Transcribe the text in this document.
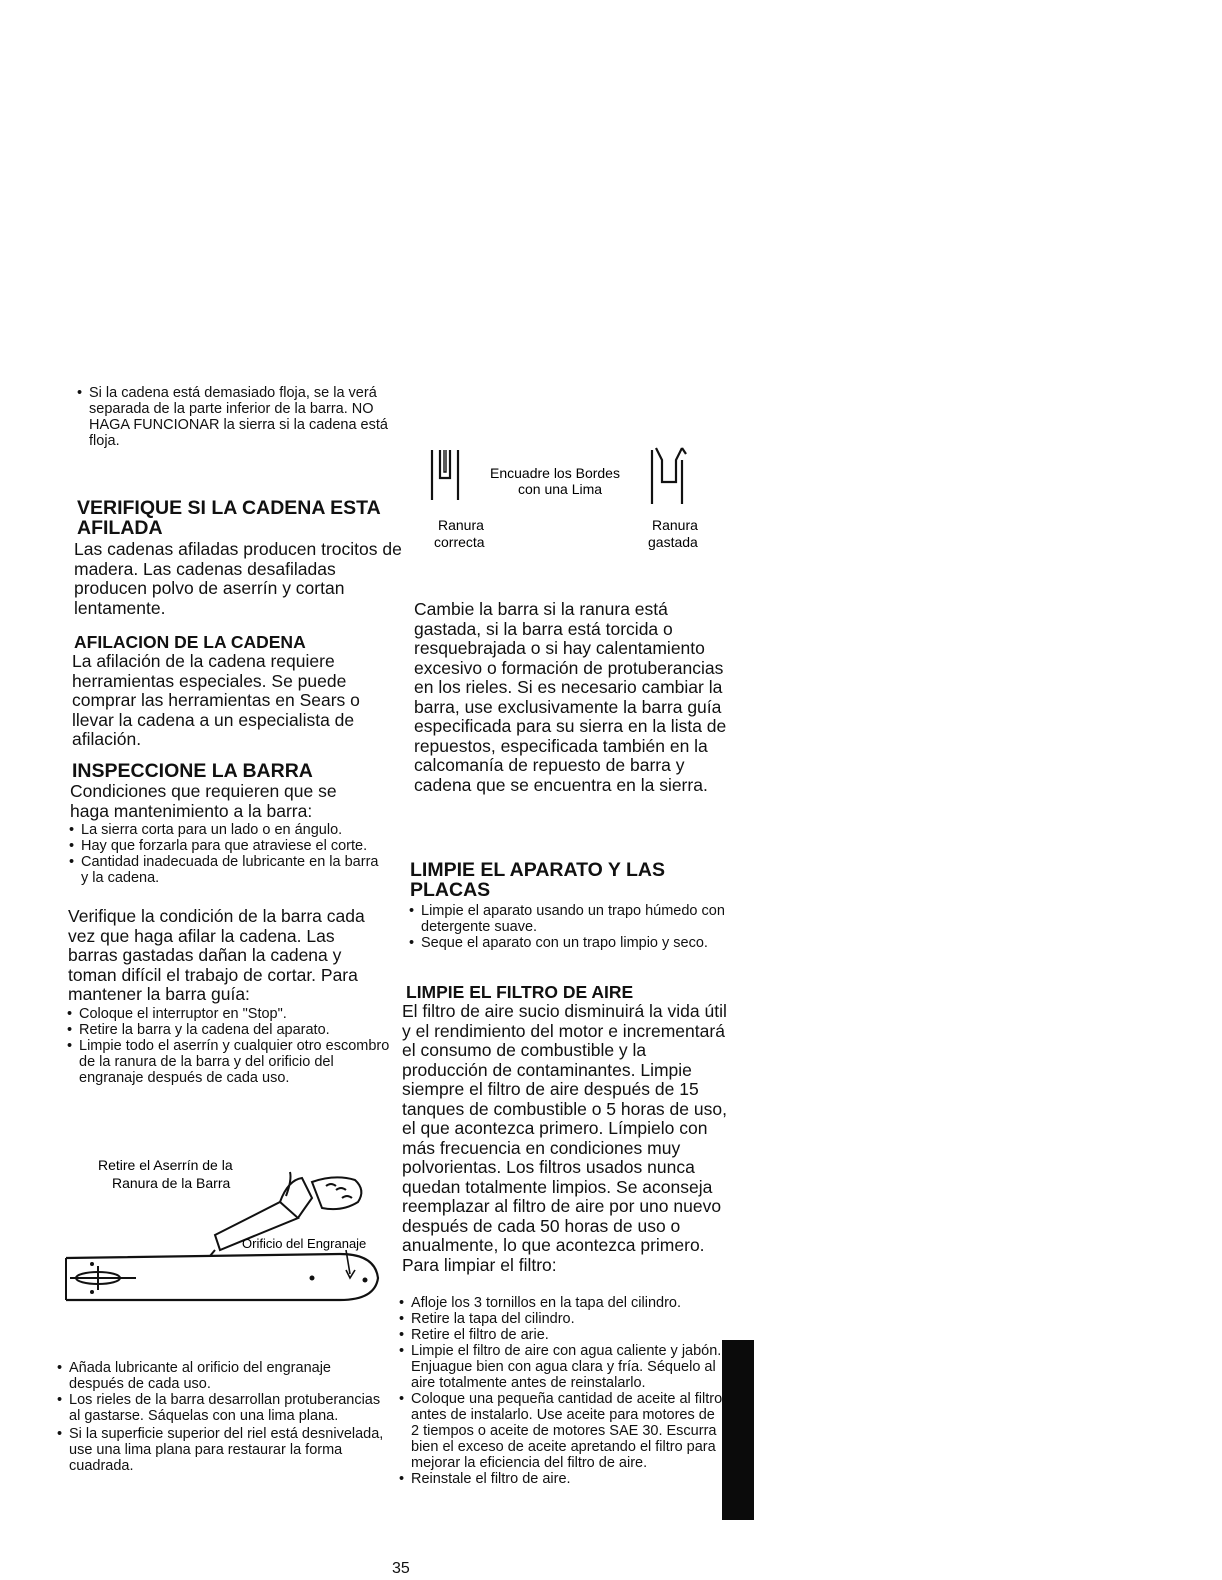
• Si la cadena está demasiado floja, se la verá separada de la parte inferior de la barra. NO HAGA FUNCIONAR la sierra si la cadena está floja.

VERIFIQUE SI LA CADENA ESTA AFILADA

Las cadenas afiladas producen trocitos de madera. Las cadenas desafiladas producen polvo de aserrín y cortan lentamente.

AFILACION DE LA CADENA

La afilación de la cadena requiere herramientas especiales. Se puede comprar las herramientas en Sears o llevar la cadena a un especialista de afilación.

INSPECCIONE LA BARRA

Condiciones que requieren que se haga mantenimiento a la barra:

• La sierra corta para un lado o en ángulo.

• Hay que forzarla para que atraviese el corte.

• Cantidad inadecuada de lubricante en la barra y la cadena.

Verifique la condición de la barra cada vez que haga afilar la cadena. Las barras gastadas dañan la cadena y toman difícil el trabajo de cortar. Para mantener la barra guía:

• Coloque el interruptor en "Stop".

• Retire la barra y la cadena del aparato.

• Limpie todo el aserrín y cualquier otro escombro de la ranura de la barra y del orificio del engranaje después de cada uso.

Retire el Aserrín de la
Ranura de la Barra
Orificio del Engranaje

• Añada lubricante al orificio del engranaje después de cada uso.

• Los rieles de la barra desarrollan protuberancias al gastarse. Sáquelas con una lima plana.

• Si la superficie superior del riel está desnivelada, use una lima plana para restaurar la forma cuadrada.

Encuadre los Bordes
con una Lima
Ranura
correcta
Ranura
gastada

Cambie la barra si la ranura está gastada, si la barra está torcida o resquebrajada o si hay calentamiento excesivo o formación de protuberancias en los rieles. Si es necesario cambiar la barra, use exclusivamente la barra guía especificada para su sierra en la lista de repuestos, especificada también en la calcomanía de repuesto de barra y cadena que se encuentra en la sierra.

LIMPIE EL APARATO Y LAS PLACAS

• Limpie el aparato usando un trapo húmedo con detergente suave.

• Seque el aparato con un trapo limpio y seco.

LIMPIE EL FILTRO DE AIRE

El filtro de aire sucio disminuirá la vida útil y el rendimiento del motor e incrementará el consumo de combustible y la producción de contaminantes. Limpie siempre el filtro de aire después de 15 tanques de combustible o 5 horas de uso, el que acontezca primero. Límpielo con más frecuencia en condiciones muy polvorientas. Los filtros usados nunca quedan totalmente limpios. Se aconseja reemplazar al filtro de aire por uno nuevo después de cada 50 horas de uso o anualmente, lo que acontezca primero. Para limpiar el filtro:

• Afloje los 3 tornillos en la tapa del cilindro.

• Retire la tapa del cilindro.

• Retire el filtro de arie.

• Limpie el filtro de aire con agua caliente y jabón. Enjuague bien con agua clara y fría. Séquelo al aire totalmente antes de reinstalarlo.

• Coloque una pequeña cantidad de aceite al filtro antes de instalarlo. Use aceite para motores de 2 tiempos o aceite de motores SAE 30. Escurra bien el exceso de aceite apretando el filtro para mejorar la eficiencia del filtro de aire.

• Reinstale el filtro de aire.

35
